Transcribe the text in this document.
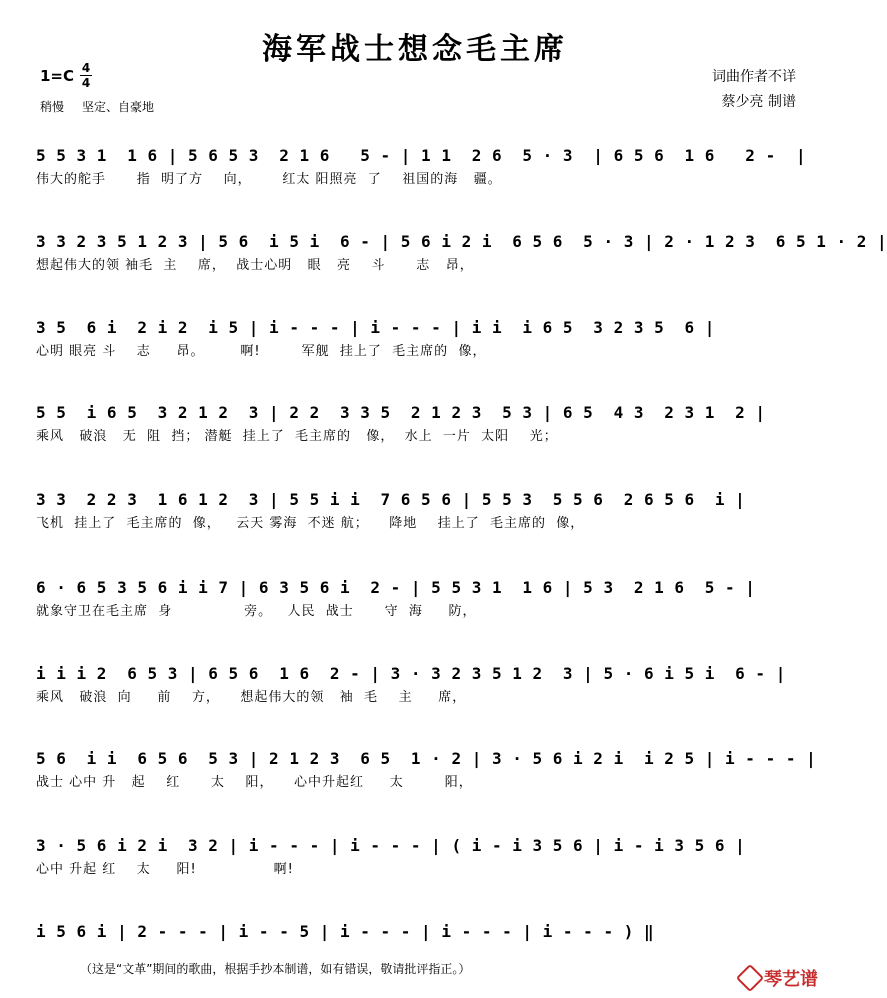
海军战士想念毛主席
$1=C \frac{4}{4}$
稍慢 坚定、自豪地
词曲作者不详
蔡少亮 制谱
5 5 3 1  1 6 | 5 6 5 3  2 1 6   5 - | 1 1  2 6  5 · 3  | 6 5 6  1 6   2 -  |
伟大的舵手      指  明了方    向，      红太 阳照亮  了    祖国的海   疆。
3 3 2 3 5 1 2 3 | 5 6  i 5 i  6 - | 5 6 i 2 i  6 5 6  5 · 3 | 2 · 1 2 3  6 5 1 · 2 |
想起伟大的领 袖毛  主    席，  战士心明   眼   亮    斗      志   昂，
3 5  6 i  2 i 2  i 5 | i - - - | i - - - | i i  i 6 5  3 2 3 5  6 |
心明 眼亮 斗    志     昂。       啊!        军舰  挂上了  毛主席的  像，
5 5  i 6 5  3 2 1 2  3 | 2 2  3 3 5  2 1 2 3  5 3 | 6 5  4 3  2 3 1  2 |
乘风   破浪   无  阻  挡； 潜艇  挂上了  毛主席的   像，  水上  一片  太阳    光；
3 3  2 2 3  1 6 1 2  3 | 5 5 i i  7 6 5 6 | 5 5 3  5 5 6  2 6 5 6  i |
飞机  挂上了  毛主席的  像，   云天 雾海  不迷 航；    降地    挂上了  毛主席的  像，
6 · 6 5 3 5 6 i i 7 | 6 3 5 6 i  2 - | 5 5 3 1  1 6 | 5 3  2 1 6  5 - |
就象守卫在毛主席  身              旁。   人民  战士      守  海     防，
i i i 2  6 5 3 | 6 5 6  1 6  2 - | 3 · 3 2 3 5 1 2  3 | 5 · 6 i 5 i  6 - |
乘风   破浪  向     前    方，    想起伟大的领   袖  毛    主     席，
5 6  i i  6 5 6  5 3 | 2 1 2 3  6 5  1 · 2 | 3 · 5 6 i 2 i  i 2 5 | i - - - |
战士 心中 升   起    红      太    阳，    心中升起红     太        阳，
3 · 5 6 i 2 i  3 2 | i - - - | i - - - | ( i - i 3 5 6 | i - i 3 5 6 |
心中 升起 红    太     阳!               啊!
i 5 6 i | 2 - - - | i - - 5 | i - - - | i - - - | i - - - ) ‖
（这是“文革”期间的歌曲，根据手抄本制谱，如有错误，敬请批评指正。）	琴艺谱
